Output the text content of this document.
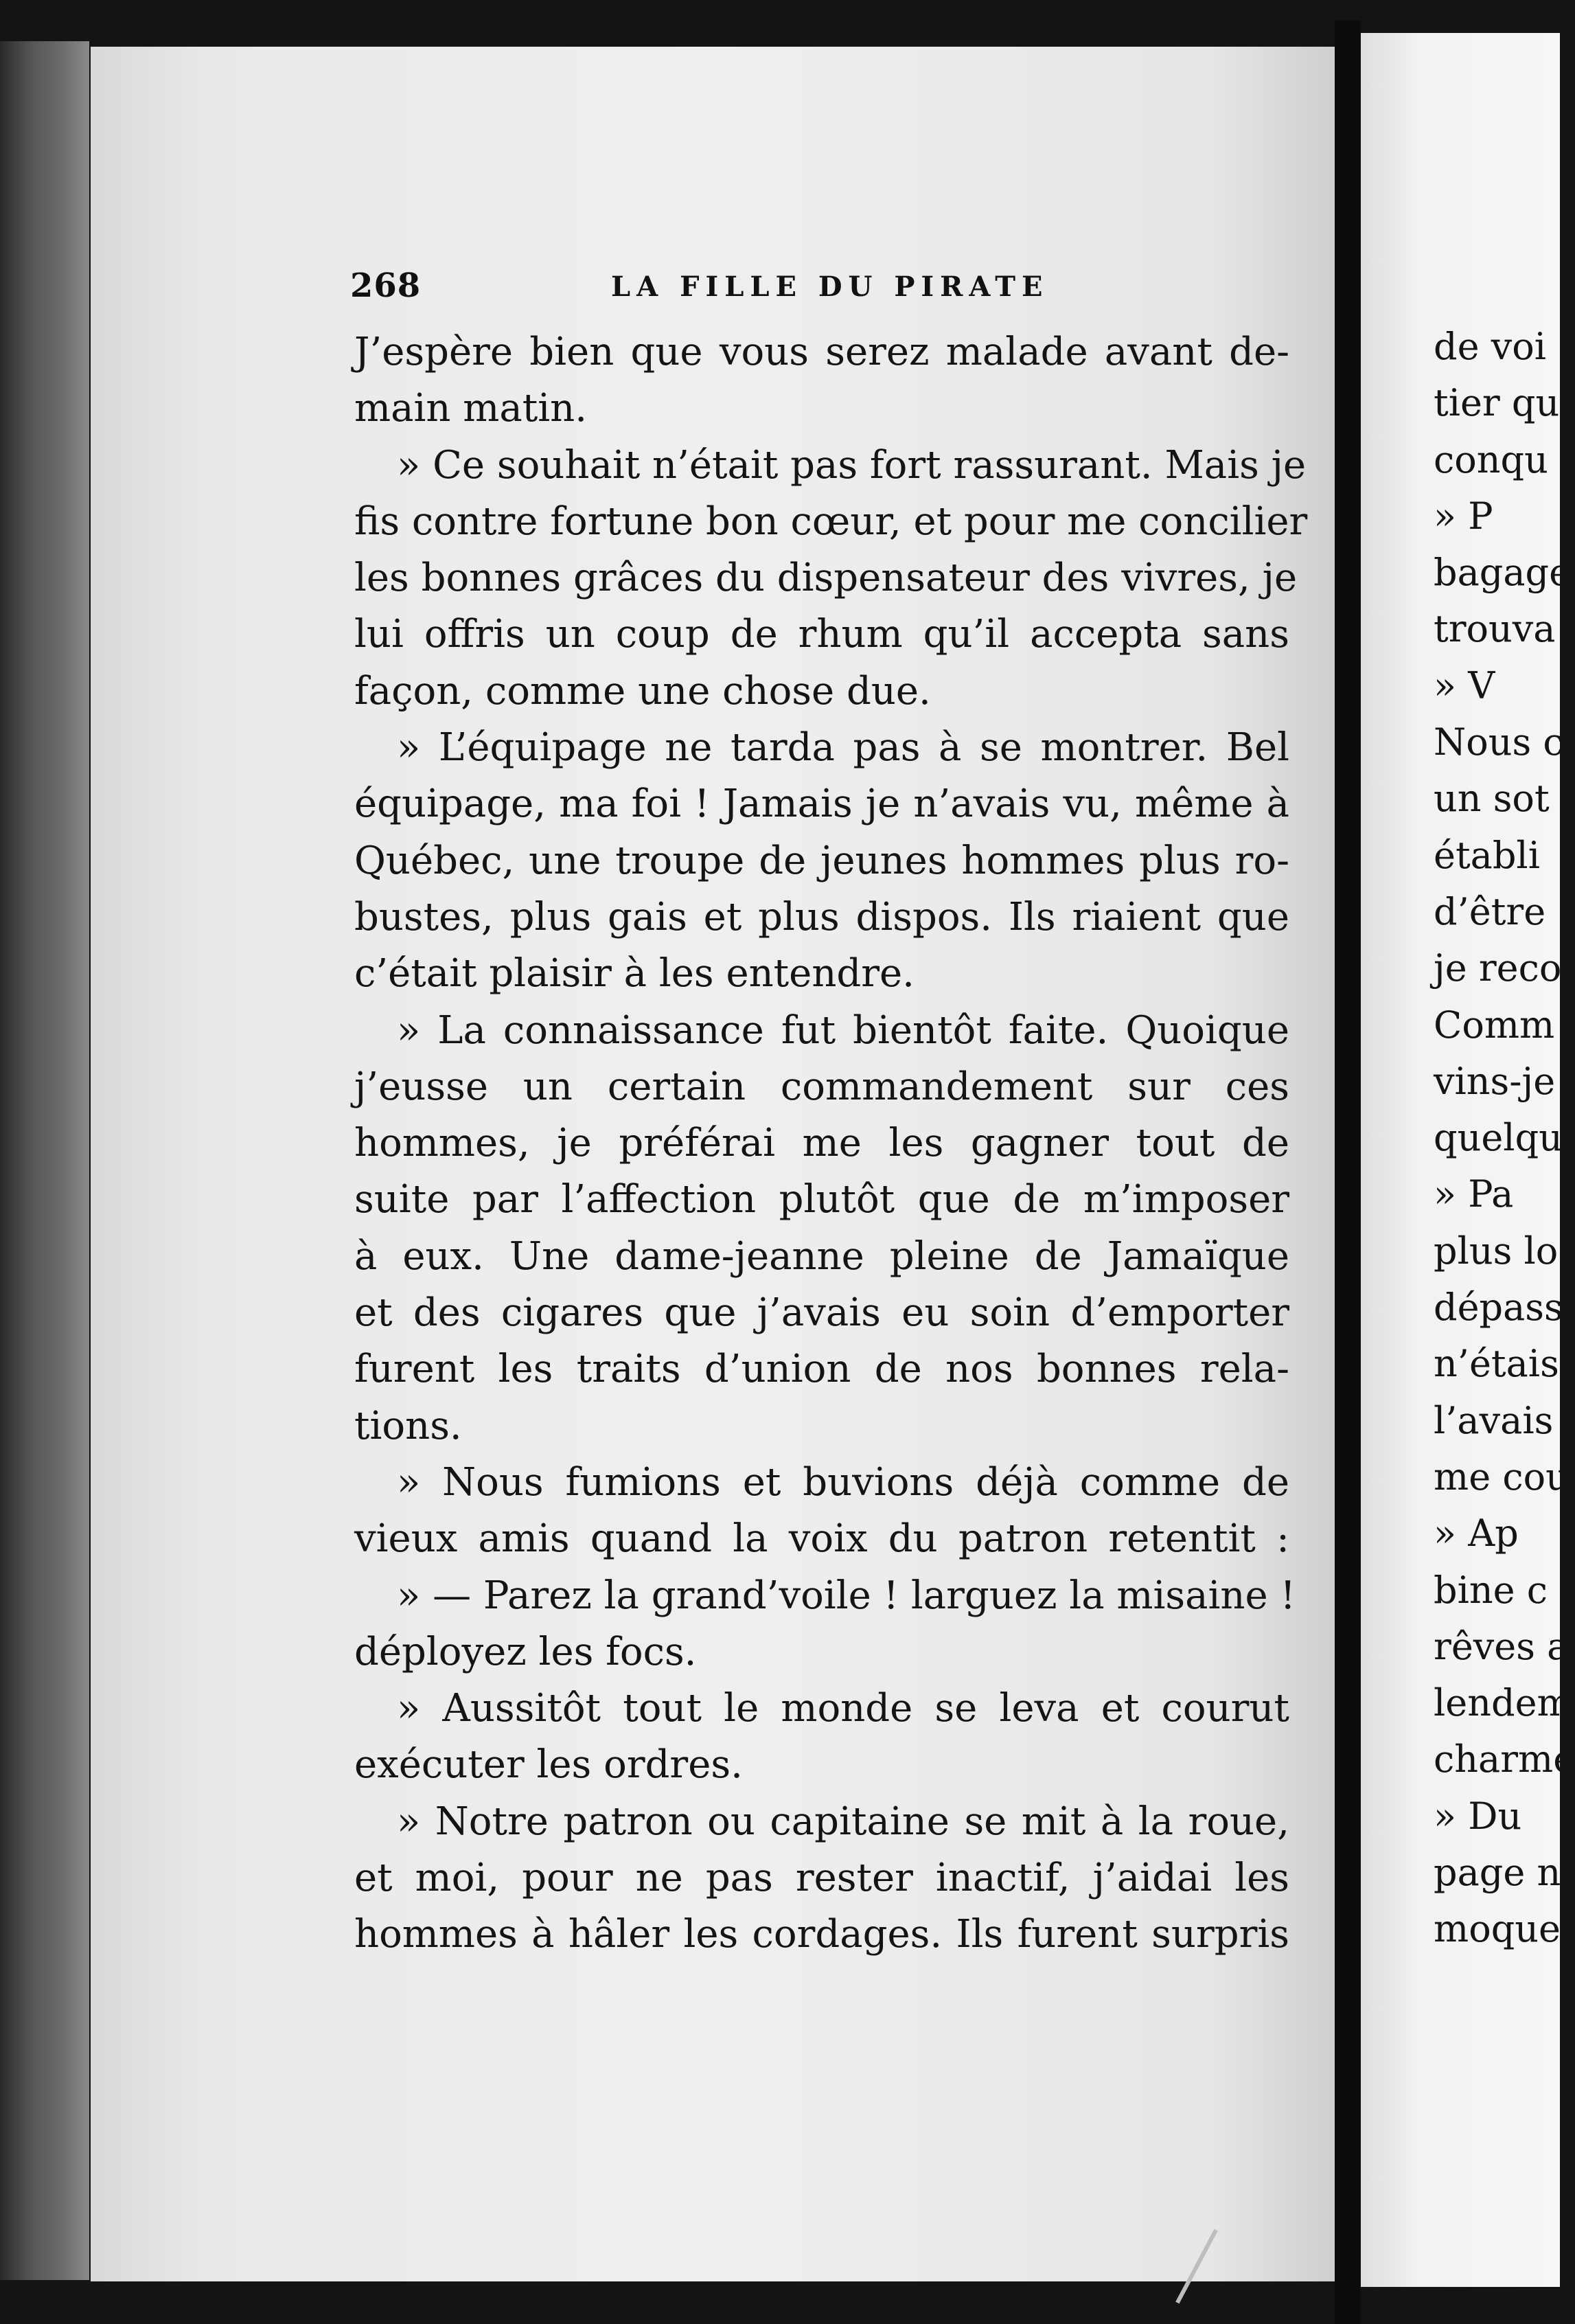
268	LA FILLE DU PIRATE
J’espère bien que vous serez malade avant de-
main matin.
» Ce souhait n’était pas fort rassurant. Mais je
fis contre fortune bon cœur, et pour me concilier
les bonnes grâces du dispensateur des vivres, je
lui offris un coup de rhum qu’il accepta sans
façon, comme une chose due.
» L’équipage ne tarda pas à se montrer. Bel
équipage, ma foi ! Jamais je n’avais vu, même à
Québec, une troupe de jeunes hommes plus ro-
bustes, plus gais et plus dispos. Ils riaient que
c’était plaisir à les entendre.
» La connaissance fut bientôt faite. Quoique
j’eusse un certain commandement sur ces
hommes, je préférai me les gagner tout de
suite par l’affection plutôt que de m’imposer
à eux. Une dame-jeanne pleine de Jamaïque
et des cigares que j’avais eu soin d’emporter
furent les traits d’union de nos bonnes rela-
tions.
» Nous fumions et buvions déjà comme de
vieux amis quand la voix du patron retentit :
» — Parez la grand’voile ! larguez la misaine !
déployez les focs.
» Aussitôt tout le monde se leva et courut
exécuter les ordres.
» Notre patron ou capitaine se mit à la roue,
et moi, pour ne pas rester inactif, j’aidai les
hommes à hâler les cordages. Ils furent surpris
de voi
tier qu
conqu
» P
bagage
trouva
» V
Nous c
un sot
établi
d’être
je reco
Comm
vins-je
quelqu
» Pa
plus lo
dépass
n’étais
l’avais
me cou
» Ap
bine c
rêves a
lendem
charme
» Du
page n
moque
